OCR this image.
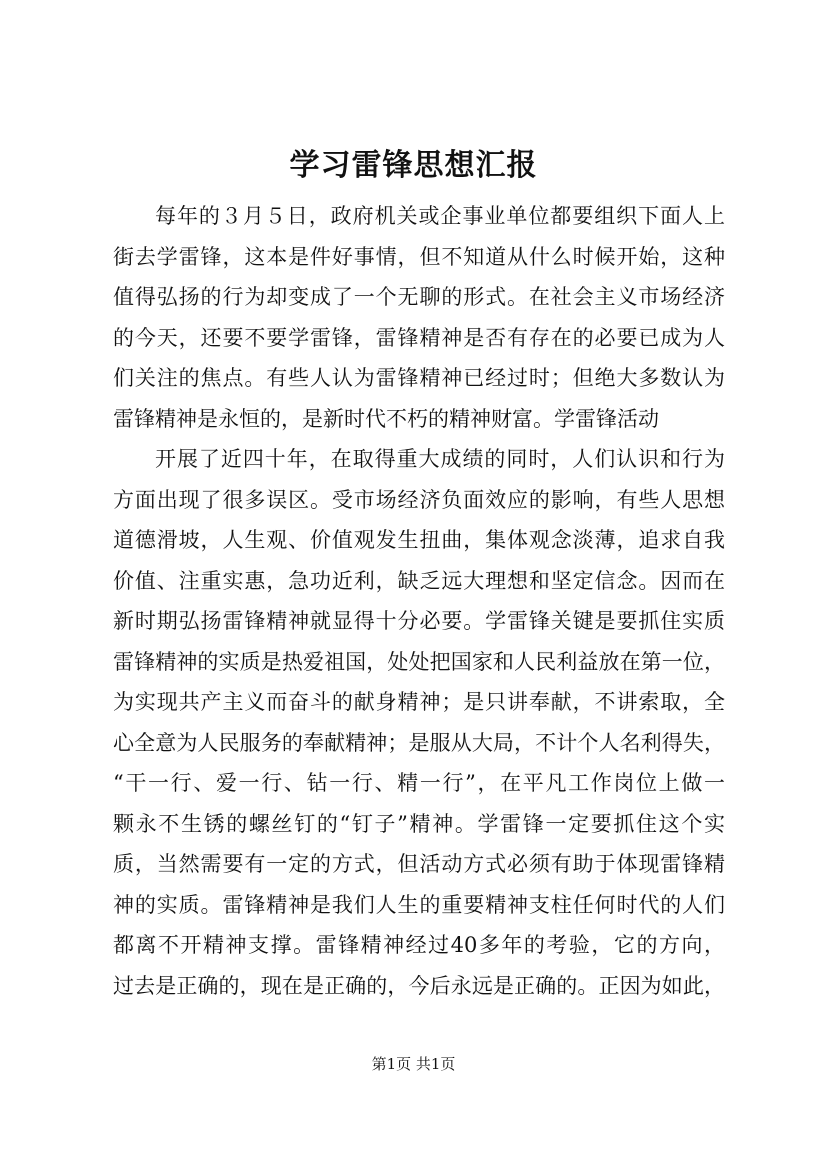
学习雷锋思想汇报
每年的３月５日，政府机关或企事业单位都要组织下面人上
街去学雷锋，这本是件好事情，但不知道从什么时候开始，这种
值得弘扬的行为却变成了一个无聊的形式。在社会主义市场经济
的今天，还要不要学雷锋，雷锋精神是否有存在的必要已成为人
们关注的焦点。有些人认为雷锋精神已经过时；但绝大多数认为
雷锋精神是永恒的，是新时代不朽的精神财富。学雷锋活动
开展了近四十年，在取得重大成绩的同时，人们认识和行为
方面出现了很多误区。受市场经济负面效应的影响，有些人思想
道德滑坡，人生观、价值观发生扭曲，集体观念淡薄，追求自我
价值、注重实惠，急功近利，缺乏远大理想和坚定信念。因而在
新时期弘扬雷锋精神就显得十分必要。学雷锋关键是要抓住实质
雷锋精神的实质是热爱祖国，处处把国家和人民利益放在第一位，
为实现共产主义而奋斗的献身精神；是只讲奉献，不讲索取，全
心全意为人民服务的奉献精神；是服从大局，不计个人名利得失，
“干一行、爱一行、钻一行、精一行”，在平凡工作岗位上做一
颗永不生锈的螺丝钉的“钉子”精神。学雷锋一定要抓住这个实
质，当然需要有一定的方式，但活动方式必须有助于体现雷锋精
神的实质。雷锋精神是我们人生的重要精神支柱任何时代的人们
都离不开精神支撑。雷锋精神经过40多年的考验，它的方向，
过去是正确的，现在是正确的，今后永远是正确的。正因为如此，
第1页 共1页
